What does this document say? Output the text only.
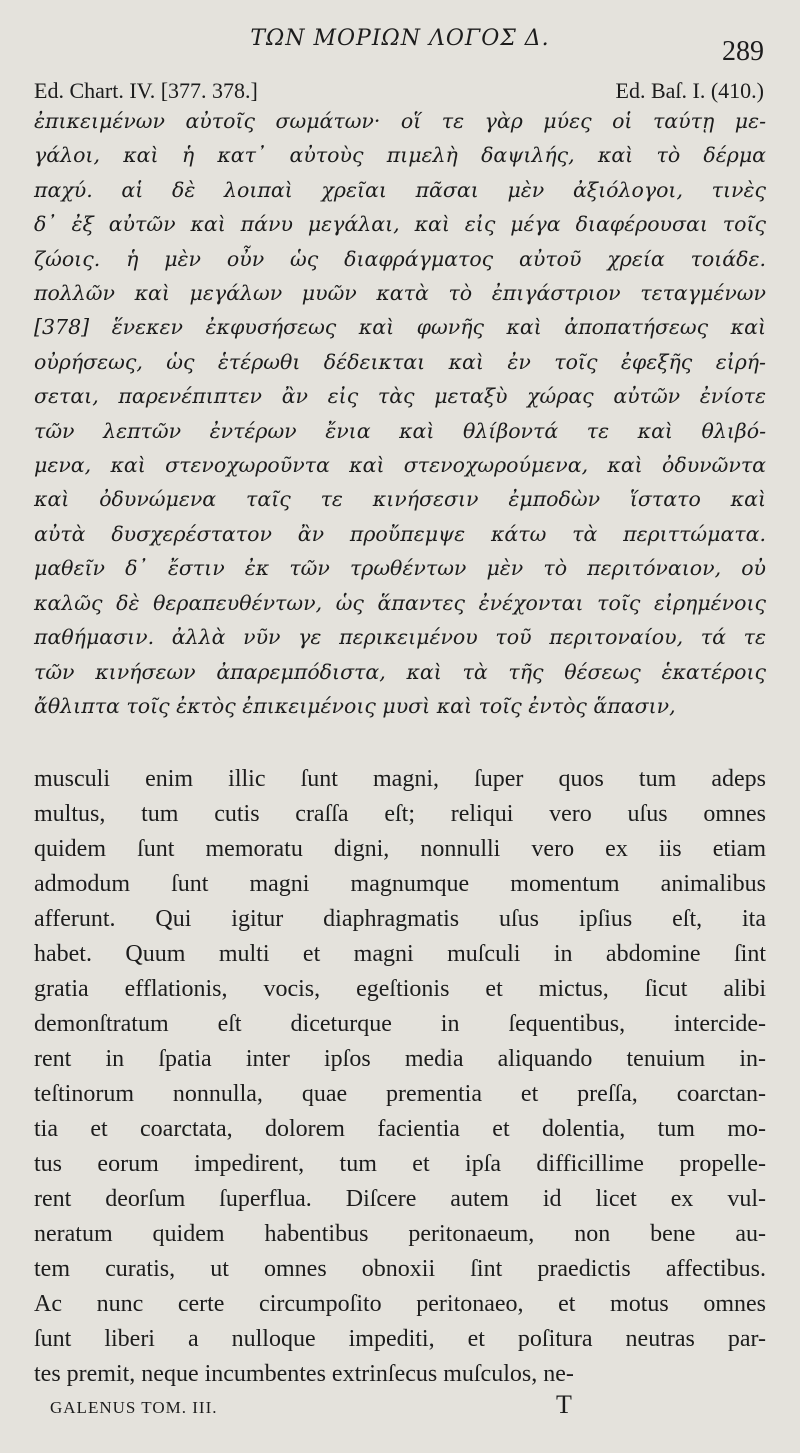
ΤΩΝ ΜΟΡΙΩΝ ΛΟΓΟΣ Δ.	289
Ed. Chart. IV. [377. 378.]	Ed. Baſ. I. (410.)
ἐπικειμένων αὐτοῖς σωμάτων· οἵ τε γὰρ μύες οἱ ταύτῃ με-
γάλοι, καὶ ἡ κατ᾽ αὐτοὺς πιμελὴ δαψιλής, καὶ τὸ δέρμα
παχύ. αἱ δὲ λοιπαὶ χρεῖαι πᾶσαι μὲν ἀξιόλογοι, τινὲς
δ᾽ ἐξ αὐτῶν καὶ πάνυ μεγάλαι, καὶ εἰς μέγα διαφέρουσαι τοῖς
ζώοις. ἡ μὲν οὖν ὡς διαφράγματος αὐτοῦ χρεία τοιάδε.
πολλῶν καὶ μεγάλων μυῶν κατὰ τὸ ἐπιγάστριον τεταγμένων
[378] ἕνεκεν ἐκφυσήσεως καὶ φωνῆς καὶ ἀποπατήσεως καὶ
οὐρήσεως, ὡς ἑτέρωθι δέδεικται καὶ ἐν τοῖς ἐφεξῆς εἰρή-
σεται, παρενέπιπτεν ἂν εἰς τὰς μεταξὺ χώρας αὐτῶν ἐνίοτε
τῶν λεπτῶν ἐντέρων ἔνια καὶ θλίβοντά τε καὶ θλιβό-
μενα, καὶ στενοχωροῦντα καὶ στενοχωρούμενα, καὶ ὀδυνῶντα
καὶ ὀδυνώμενα ταῖς τε κινήσεσιν ἐμποδὼν ἵστατο καὶ
αὐτὰ δυσχερέστατον ἂν προὔπεμψε κάτω τὰ περιττώματα.
μαθεῖν δ᾽ ἔστιν ἐκ τῶν τρωθέντων μὲν τὸ περιτόναιον, οὐ
καλῶς δὲ θεραπευθέντων, ὡς ἅπαντες ἐνέχονται τοῖς εἰρημένοις
παθήμασιν. ἀλλὰ νῦν γε περικειμένου τοῦ περιτοναίου, τά τε
τῶν κινήσεων ἀπαρεμπόδιστα, καὶ τὰ τῆς θέσεως ἑκατέροις
ἄθλιπτα τοῖς ἐκτὸς ἐπικειμένοις μυσὶ καὶ τοῖς ἐντὸς ἅπασιν,
musculi enim illic ſunt magni, ſuper quos tum adeps
multus, tum cutis craſſa eſt; reliqui vero uſus omnes
quidem ſunt memoratu digni, nonnulli vero ex iis etiam
admodum ſunt magni magnumque momentum animalibus
afferunt. Qui igitur diaphragmatis uſus ipſius eſt, ita
habet. Quum multi et magni muſculi in abdomine ſint
gratia efflationis, vocis, egeſtionis et mictus, ſicut alibi
demonſtratum eſt diceturque in ſequentibus, intercide-
rent in ſpatia inter ipſos media aliquando tenuium in-
teſtinorum nonnulla, quae prementia et preſſa, coarctan-
tia et coarctata, dolorem facientia et dolentia, tum mo-
tus eorum impedirent, tum et ipſa difficillime propelle-
rent deorſum ſuperflua. Diſcere autem id licet ex vul-
neratum quidem habentibus peritonaeum, non bene au-
tem curatis, ut omnes obnoxii ſint praedictis affectibus.
Ac nunc certe circumpoſito peritonaeo, et motus omnes
ſunt liberi a nulloque impediti, et poſitura neutras par-
tes premit, neque incumbentes extrinſecus muſculos, ne-
GALENUS TOM. III.	T
